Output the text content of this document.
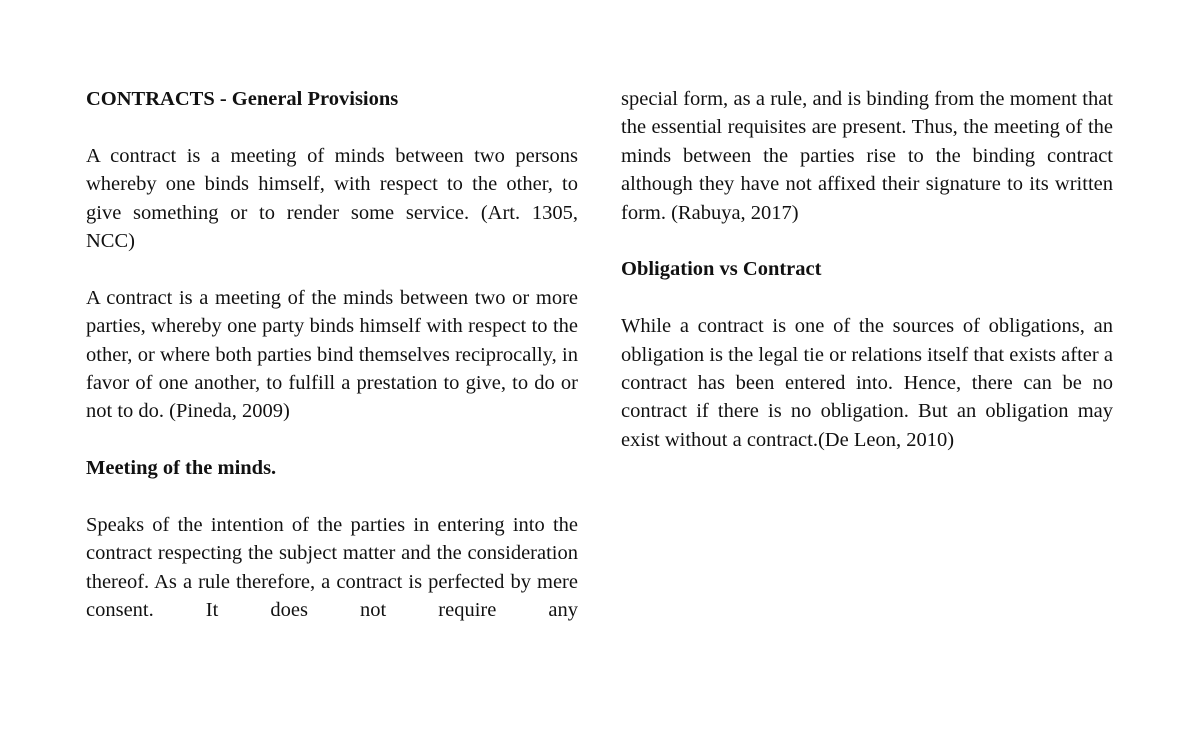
CONTRACTS - General Provisions
A contract is a meeting of minds between two persons whereby one binds himself, with respect to the other, to give something or to render some service. (Art. 1305, NCC)
A contract is a meeting of the minds between two or more parties, whereby one party binds himself with respect to the other, or where both parties bind themselves reciprocally, in favor of one another, to fulfill a prestation to give, to do or not to do. (Pineda, 2009)
Meeting of the minds.
Speaks of the intention of the parties in entering into the contract respecting the subject matter and the consideration thereof. As a rule therefore, a contract is perfected by mere consent. It does not require any
special form, as a rule, and is binding from the moment that the essential requisites are present. Thus, the meeting of the minds between the parties rise to the binding contract although they have not affixed their signature to its written form. (Rabuya, 2017)
Obligation vs Contract
While a contract is one of the sources of obligations, an obligation is the legal tie or relations itself that exists after a contract has been entered into. Hence, there can be no contract if there is no obligation. But an obligation may exist without a contract.(De Leon, 2010)
